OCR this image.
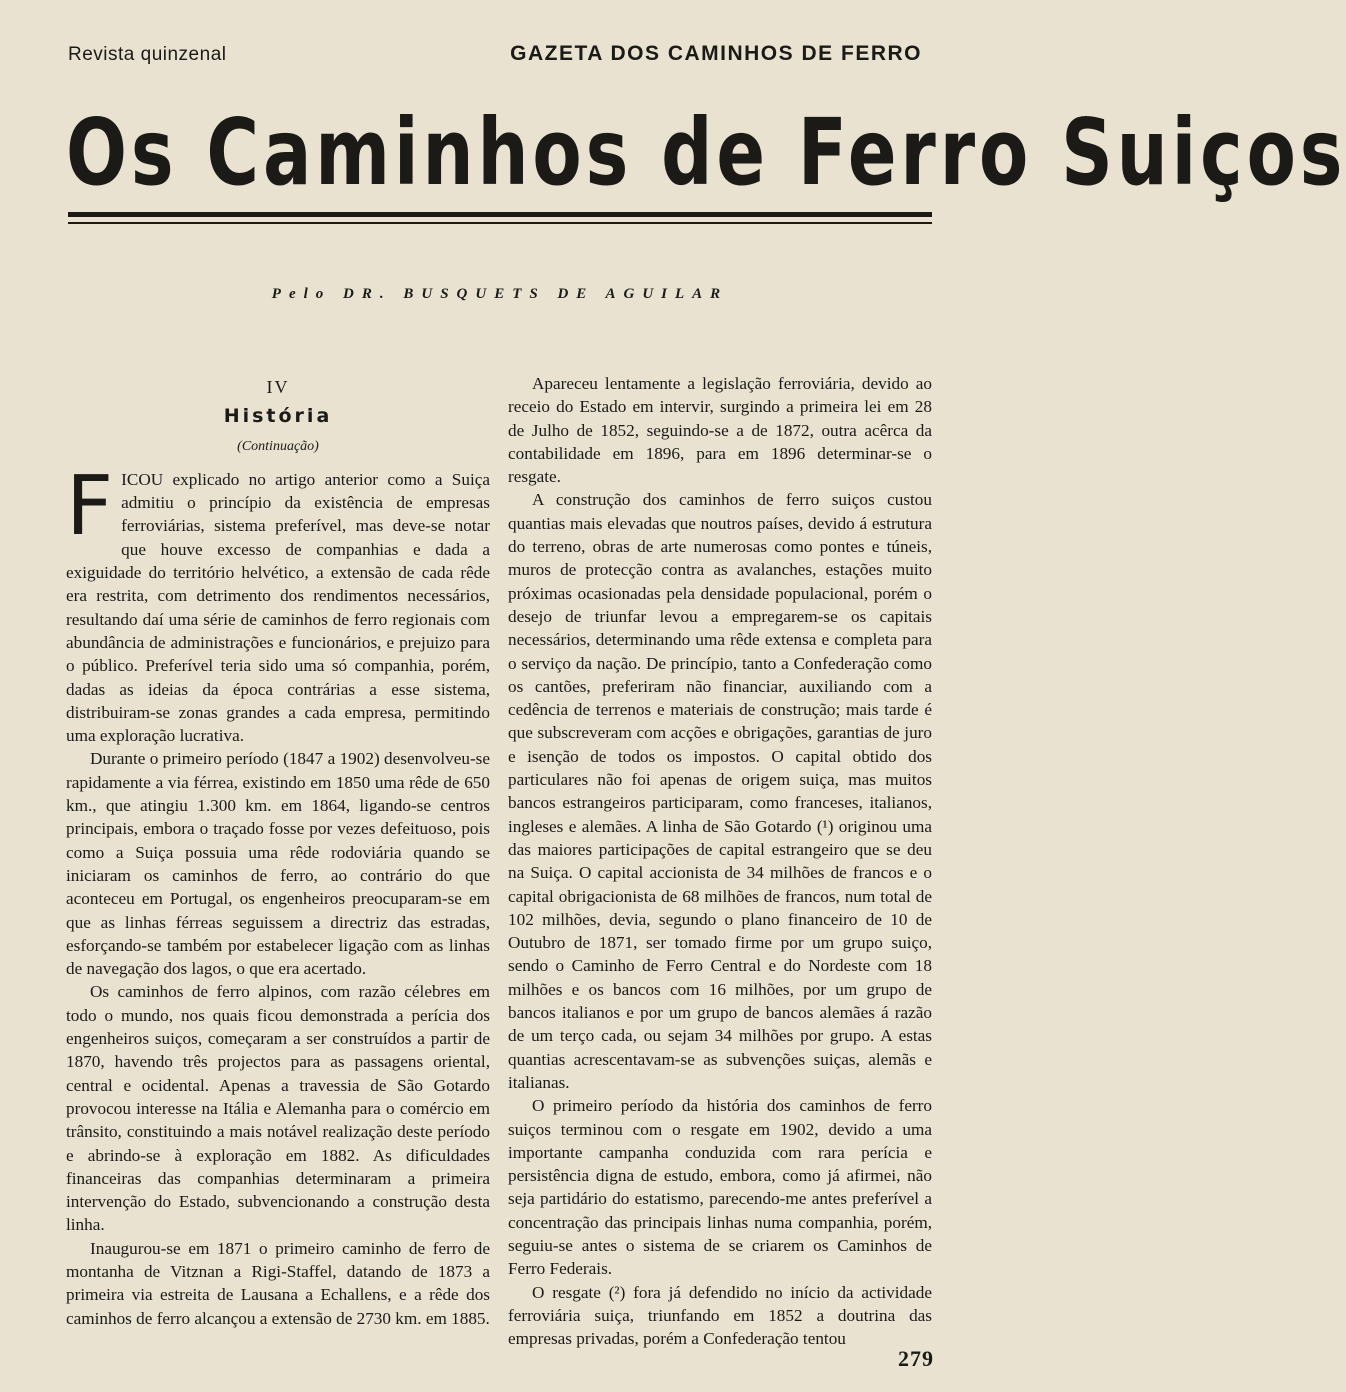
Revista quinzenal	GAZETA DOS CAMINHOS DE FERRO
Os Caminhos de Ferro Suiços
Pelo DR. BUSQUETS DE AGUILAR
IV
História
(Continuação)

FICOU explicado no artigo anterior como a Suiça admitiu o princípio da existência de empresas ferroviárias, sistema preferível, mas deve-se notar que houve excesso de companhias e dada a exiguidade do território helvético, a extensão de cada rêde era restrita, com detrimento dos rendimentos necessários, resultando daí uma série de caminhos de ferro regionais com abundância de administrações e funcionários, e prejuizo para o público. Preferível teria sido uma só companhia, porém, dadas as ideias da época contrárias a esse sistema, distribuiram-se zonas grandes a cada empresa, permitindo uma exploração lucrativa.

Durante o primeiro período (1847 a 1902) desenvolveu-se rapidamente a via férrea, existindo em 1850 uma rêde de 650 km., que atingiu 1.300 km. em 1864, ligando-se centros principais, embora o traçado fosse por vezes defeituoso, pois como a Suiça possuia uma rêde rodoviária quando se iniciaram os caminhos de ferro, ao contrário do que aconteceu em Portugal, os engenheiros preocuparam-se em que as linhas férreas seguissem a directriz das estradas, esforçando-se também por estabelecer ligação com as linhas de navegação dos lagos, o que era acertado.

Os caminhos de ferro alpinos, com razão célebres em todo o mundo, nos quais ficou demonstrada a perícia dos engenheiros suiços, começaram a ser construídos a partir de 1870, havendo três projectos para as passagens oriental, central e ocidental. Apenas a travessia de São Gotardo provocou interesse na Itália e Alemanha para o comércio em trânsito, constituindo a mais notável realização deste período e abrindo-se à exploração em 1882. As dificuldades financeiras das companhias determinaram a primeira intervenção do Estado, subvencionando a construção desta linha.

Inaugurou-se em 1871 o primeiro caminho de ferro de montanha de Vitznan a Rigi-Staffel, datando de 1873 a primeira via estreita de Lausana a Echallens, e a rêde dos caminhos de ferro alcançou a extensão de 2730 km. em 1885.

Apareceu lentamente a legislação ferroviária, devido ao receio do Estado em intervir, surgindo a primeira lei em 28 de Julho de 1852, seguindo-se a de 1872, outra acêrca da contabilidade em 1896, para em 1896 determinar-se o resgate.

A construção dos caminhos de ferro suiços custou quantias mais elevadas que noutros países, devido á estrutura do terreno, obras de arte numerosas como pontes e túneis, muros de protecção contra as avalanches, estações muito próximas ocasionadas pela densidade populacional, porém o desejo de triunfar levou a empregarem-se os capitais necessários, determinando uma rêde extensa e completa para o serviço da nação. De princípio, tanto a Confederação como os cantões, preferiram não financiar, auxiliando com a cedência de terrenos e materiais de construção; mais tarde é que subscreveram com acções e obrigações, garantias de juro e isenção de todos os impostos. O capital obtido dos particulares não foi apenas de origem suiça, mas muitos bancos estrangeiros participaram, como franceses, italianos, ingleses e alemães. A linha de São Gotardo (¹) originou uma das maiores participações de capital estrangeiro que se deu na Suiça. O capital accionista de 34 milhões de francos e o capital obrigacionista de 68 milhões de francos, num total de 102 milhões, devia, segundo o plano financeiro de 10 de Outubro de 1871, ser tomado firme por um grupo suiço, sendo o Caminho de Ferro Central e do Nordeste com 18 milhões e os bancos com 16 milhões, por um grupo de bancos italianos e por um grupo de bancos alemães á razão de um terço cada, ou sejam 34 milhões por grupo. A estas quantias acrescentavam-se as subvenções suiças, alemãs e italianas.

O primeiro período da história dos caminhos de ferro suiços terminou com o resgate em 1902, devido a uma importante campanha conduzida com rara perícia e persistência digna de estudo, embora, como já afirmei, não seja partidário do estatismo, parecendo-me antes preferível a concentração das principais linhas numa companhia, porém, seguiu-se antes o sistema de se criarem os Caminhos de Ferro Federais.

O resgate (²) fora já defendido no início da actividade ferroviária suiça, triunfando em 1852 a doutrina das empresas privadas, porém a Confederação tentou

279
